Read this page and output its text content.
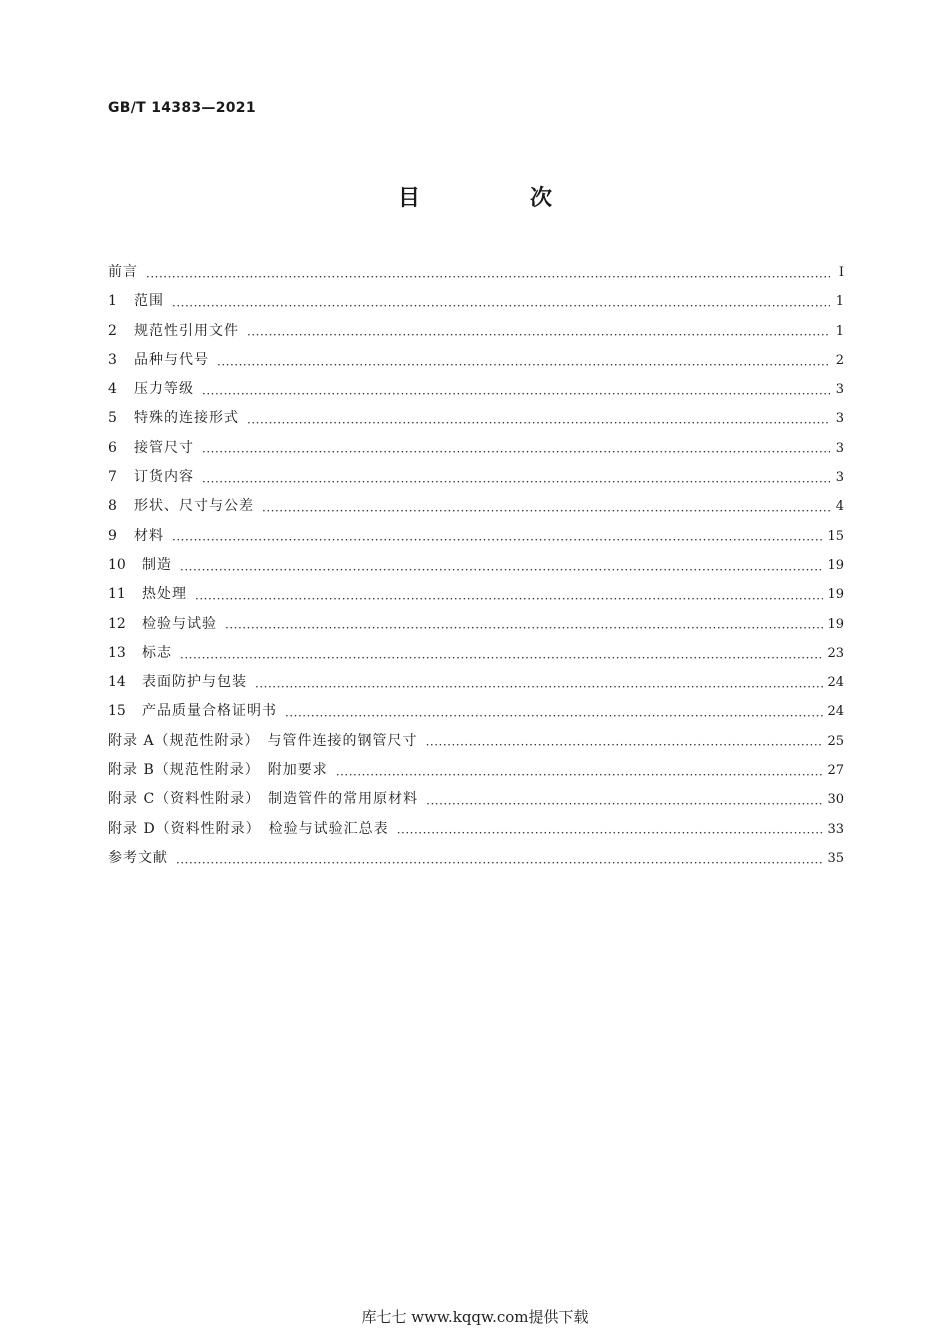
GB/T 14383—2021
目　次
前言 ·····	Ⅰ
1	范围 ·····	1
2	规范性引用文件 ·····	1
3	品种与代号 ·····	2
4	压力等级 ·····	3
5	特殊的连接形式 ·····	3
6	接管尺寸 ·····	3
7	订货内容 ·····	3
8	形状、尺寸与公差 ·····	4
9	材料 ·····	15
10	制造 ·····	19
11	热处理 ·····	19
12	检验与试验 ·····	19
13	标志 ·····	23
14	表面防护与包装 ·····	24
15	产品质量合格证明书 ·····	24
附录 A（规范性附录）　与管件连接的钢管尺寸 ·····	25
附录 B（规范性附录）　附加要求 ·····	27
附录 C（资料性附录）　制造管件的常用原材料 ·····	30
附录 D（资料性附录）　检验与试验汇总表 ·····	33
参考文献 ·····	35
库七七 www.kqqw.com提供下载
